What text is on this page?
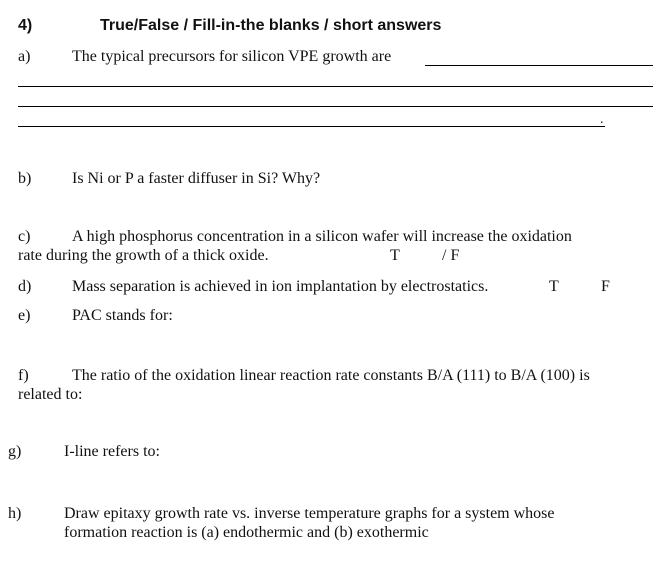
4)	True/False / Fill-in-the blanks / short answers
a)	The typical precursors for silicon VPE growth are
.
b)	Is Ni or P a faster diffuser in Si? Why?
c)	A high phosphorus concentration in a silicon wafer will increase the oxidation
rate during the growth of a thick oxide.	T	/ F
d)	Mass separation is achieved in ion implantation by electrostatics.	T	F
e)	PAC stands for:
f)	The ratio of the oxidation linear reaction rate constants B/A (111) to B/A (100) is
related to:
g)	I-line refers to:
h)	Draw epitaxy growth rate vs. inverse temperature graphs for a system whose
formation reaction is (a) endothermic and (b) exothermic
